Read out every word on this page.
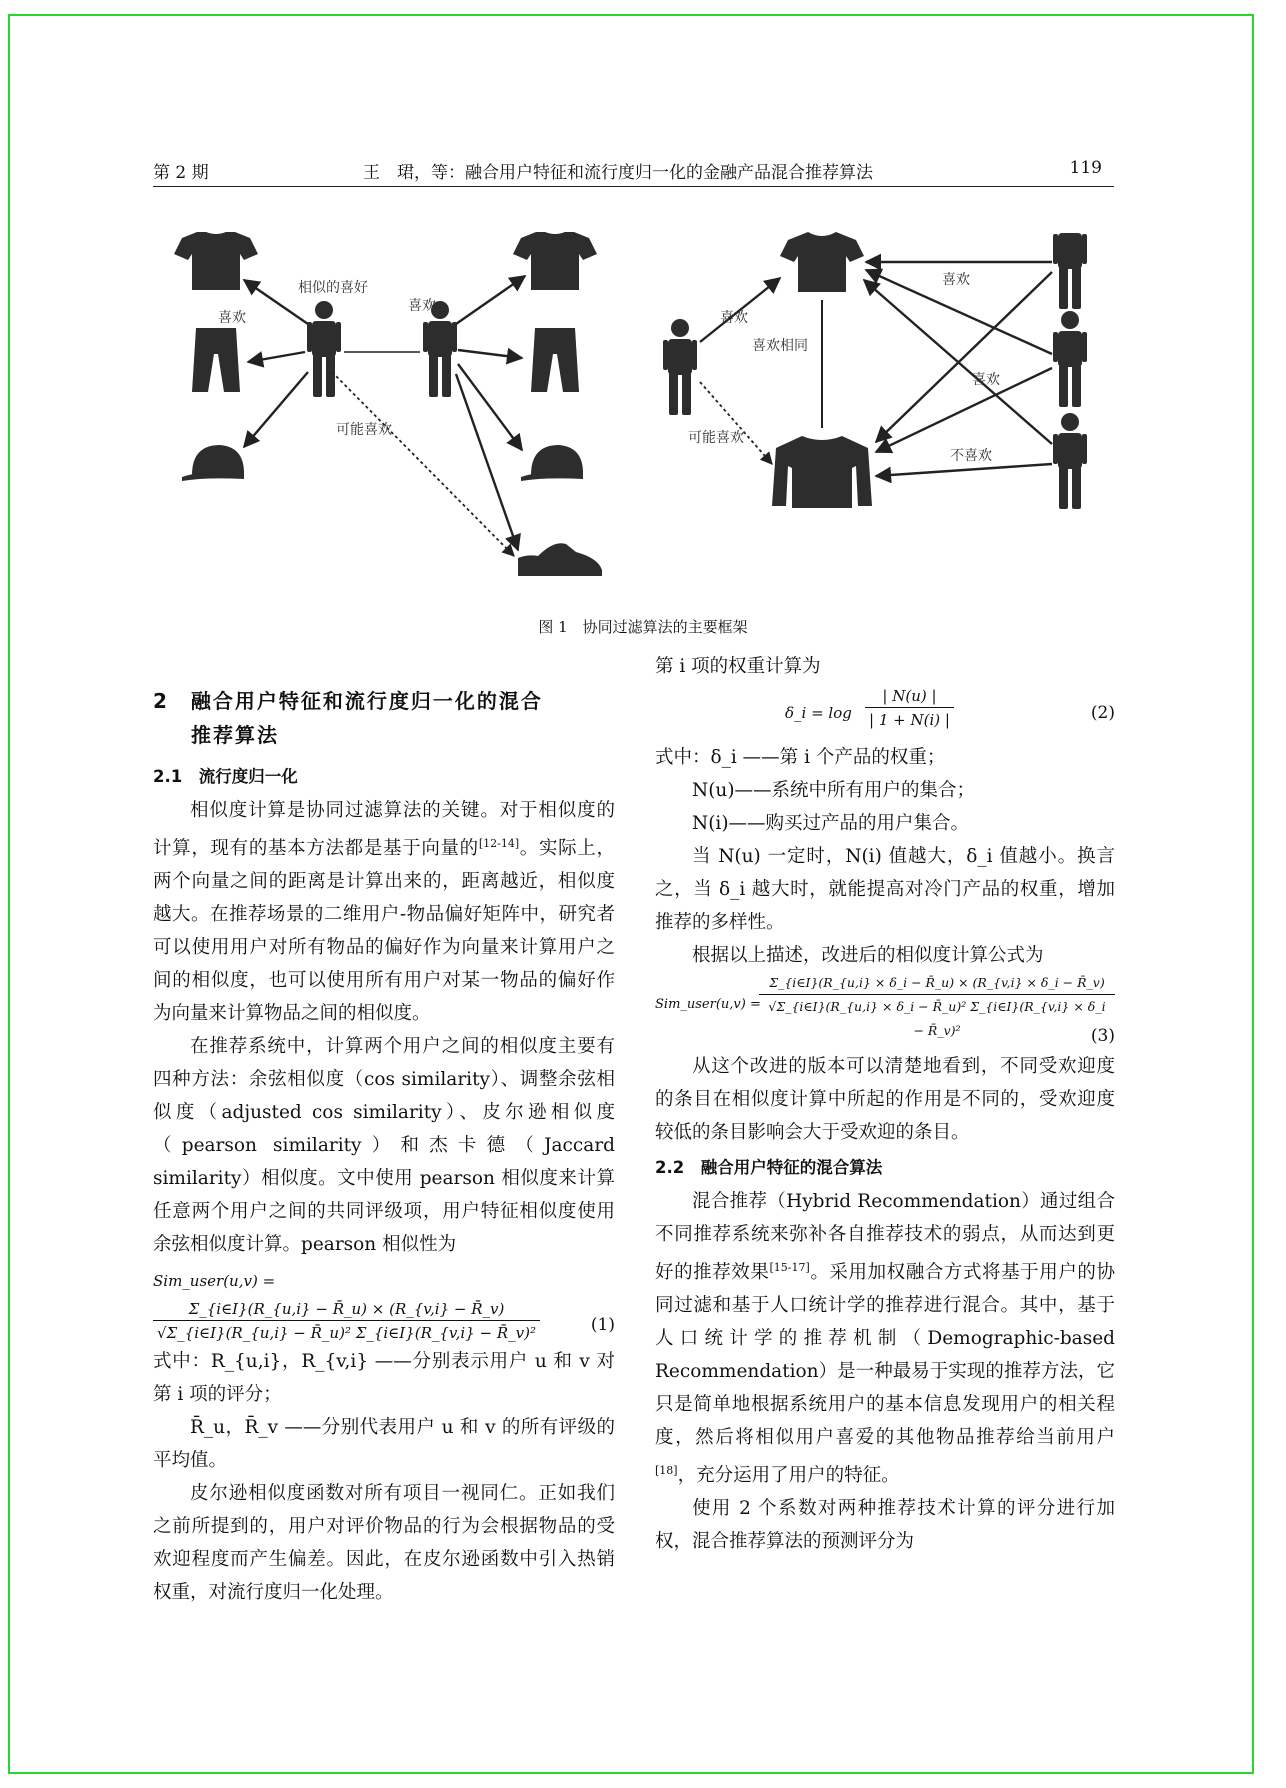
第 2 期	王　珺，等：融合用户特征和流行度归一化的金融产品混合推荐算法	119
喜欢
相似的喜好
喜欢
可能喜欢
喜欢
喜欢相同
可能喜欢
喜欢
喜欢
不喜欢
图 1　协同过滤算法的主要框架
2　融合用户特征和流行度归一化的混合
推荐算法
2.1　流行度归一化

相似度计算是协同过滤算法的关键。对于相似度的计算，现有的基本方法都是基于向量的[12-14]。实际上，两个向量之间的距离是计算出来的，距离越近，相似度越大。在推荐场景的二维用户-物品偏好矩阵中，研究者可以使用用户对所有物品的偏好作为向量来计算用户之间的相似度，也可以使用所有用户对某一物品的偏好作为向量来计算物品之间的相似度。

在推荐系统中，计算两个用户之间的相似度主要有四种方法：余弦相似度（cos similarity）、调整余弦相似度（adjusted cos similarity）、皮尔逊相似度（pearson similarity）和杰卡德（Jaccard similarity）相似度。文中使用 pearson 相似度来计算任意两个用户之间的共同评级项，用户特征相似度使用余弦相似度计算。pearson 相似性为

Sim_user(u,v) =
$\frac{\Sigma\_\{i\in I\}(R\_\{u,i\} - R̄\_u) \times (R\_\{v,i\} - R̄\_v)}{\text{√Σ\_\{i∈I\}(R\_\{u,i\} − R̄\_u)² Σ\_\{i∈I\}(R\_\{v,i\} − R̄\_v)²}}$	(1)

式中：R_{u,i}，R_{v,i} ——分别表示用户 u 和 v 对第 i 项的评分；

R̄_u，R̄_v ——分别代表用户 u 和 v 的所有评级的平均值。

皮尔逊相似度函数对所有项目一视同仁。正如我们之前所提到的，用户对评价物品的行为会根据物品的受欢迎程度而产生偏差。因此，在皮尔逊函数中引入热销权重，对流行度归一化处理。

第 i 项的权重计算为

δ_i = $\log \frac{| N(u) |}{| 1 + N(i) |}$	(2)

式中：δ_i ——第 i 个产品的权重；

N(u)——系统中所有用户的集合；

N(i)——购买过产品的用户集合。

当 N(u) 一定时，N(i) 值越大，δ_i 值越小。换言之，当 δ_i 越大时，就能提高对冷门产品的权重，增加推荐的多样性。

根据以上描述，改进后的相似度计算公式为

Sim_user(u,v) =
Σ_{i∈I}(R_{u,i} × δ_i − R̄_u) × (R_{v,i} × δ_i − R̄_v)
√Σ_{i∈I}(R_{u,i} × δ_i − R̄_u)² Σ_{i∈I}(R_{v,i} × δ_i − R̄_v)²	(3)

从这个改进的版本可以清楚地看到，不同受欢迎度的条目在相似度计算中所起的作用是不同的，受欢迎度较低的条目影响会大于受欢迎的条目。

2.2　融合用户特征的混合算法

混合推荐（Hybrid Recommendation）通过组合不同推荐系统来弥补各自推荐技术的弱点，从而达到更好的推荐效果[15-17]。采用加权融合方式将基于用户的协同过滤和基于人口统计学的推荐进行混合。其中，基于人口统计学的推荐机制（Demographic-based Recommendation）是一种最易于实现的推荐方法，它只是简单地根据系统用户的基本信息发现用户的相关程度，然后将相似用户喜爱的其他物品推荐给当前用户[18]，充分运用了用户的特征。

使用 2 个系数对两种推荐技术计算的评分进行加权，混合推荐算法的预测评分为
